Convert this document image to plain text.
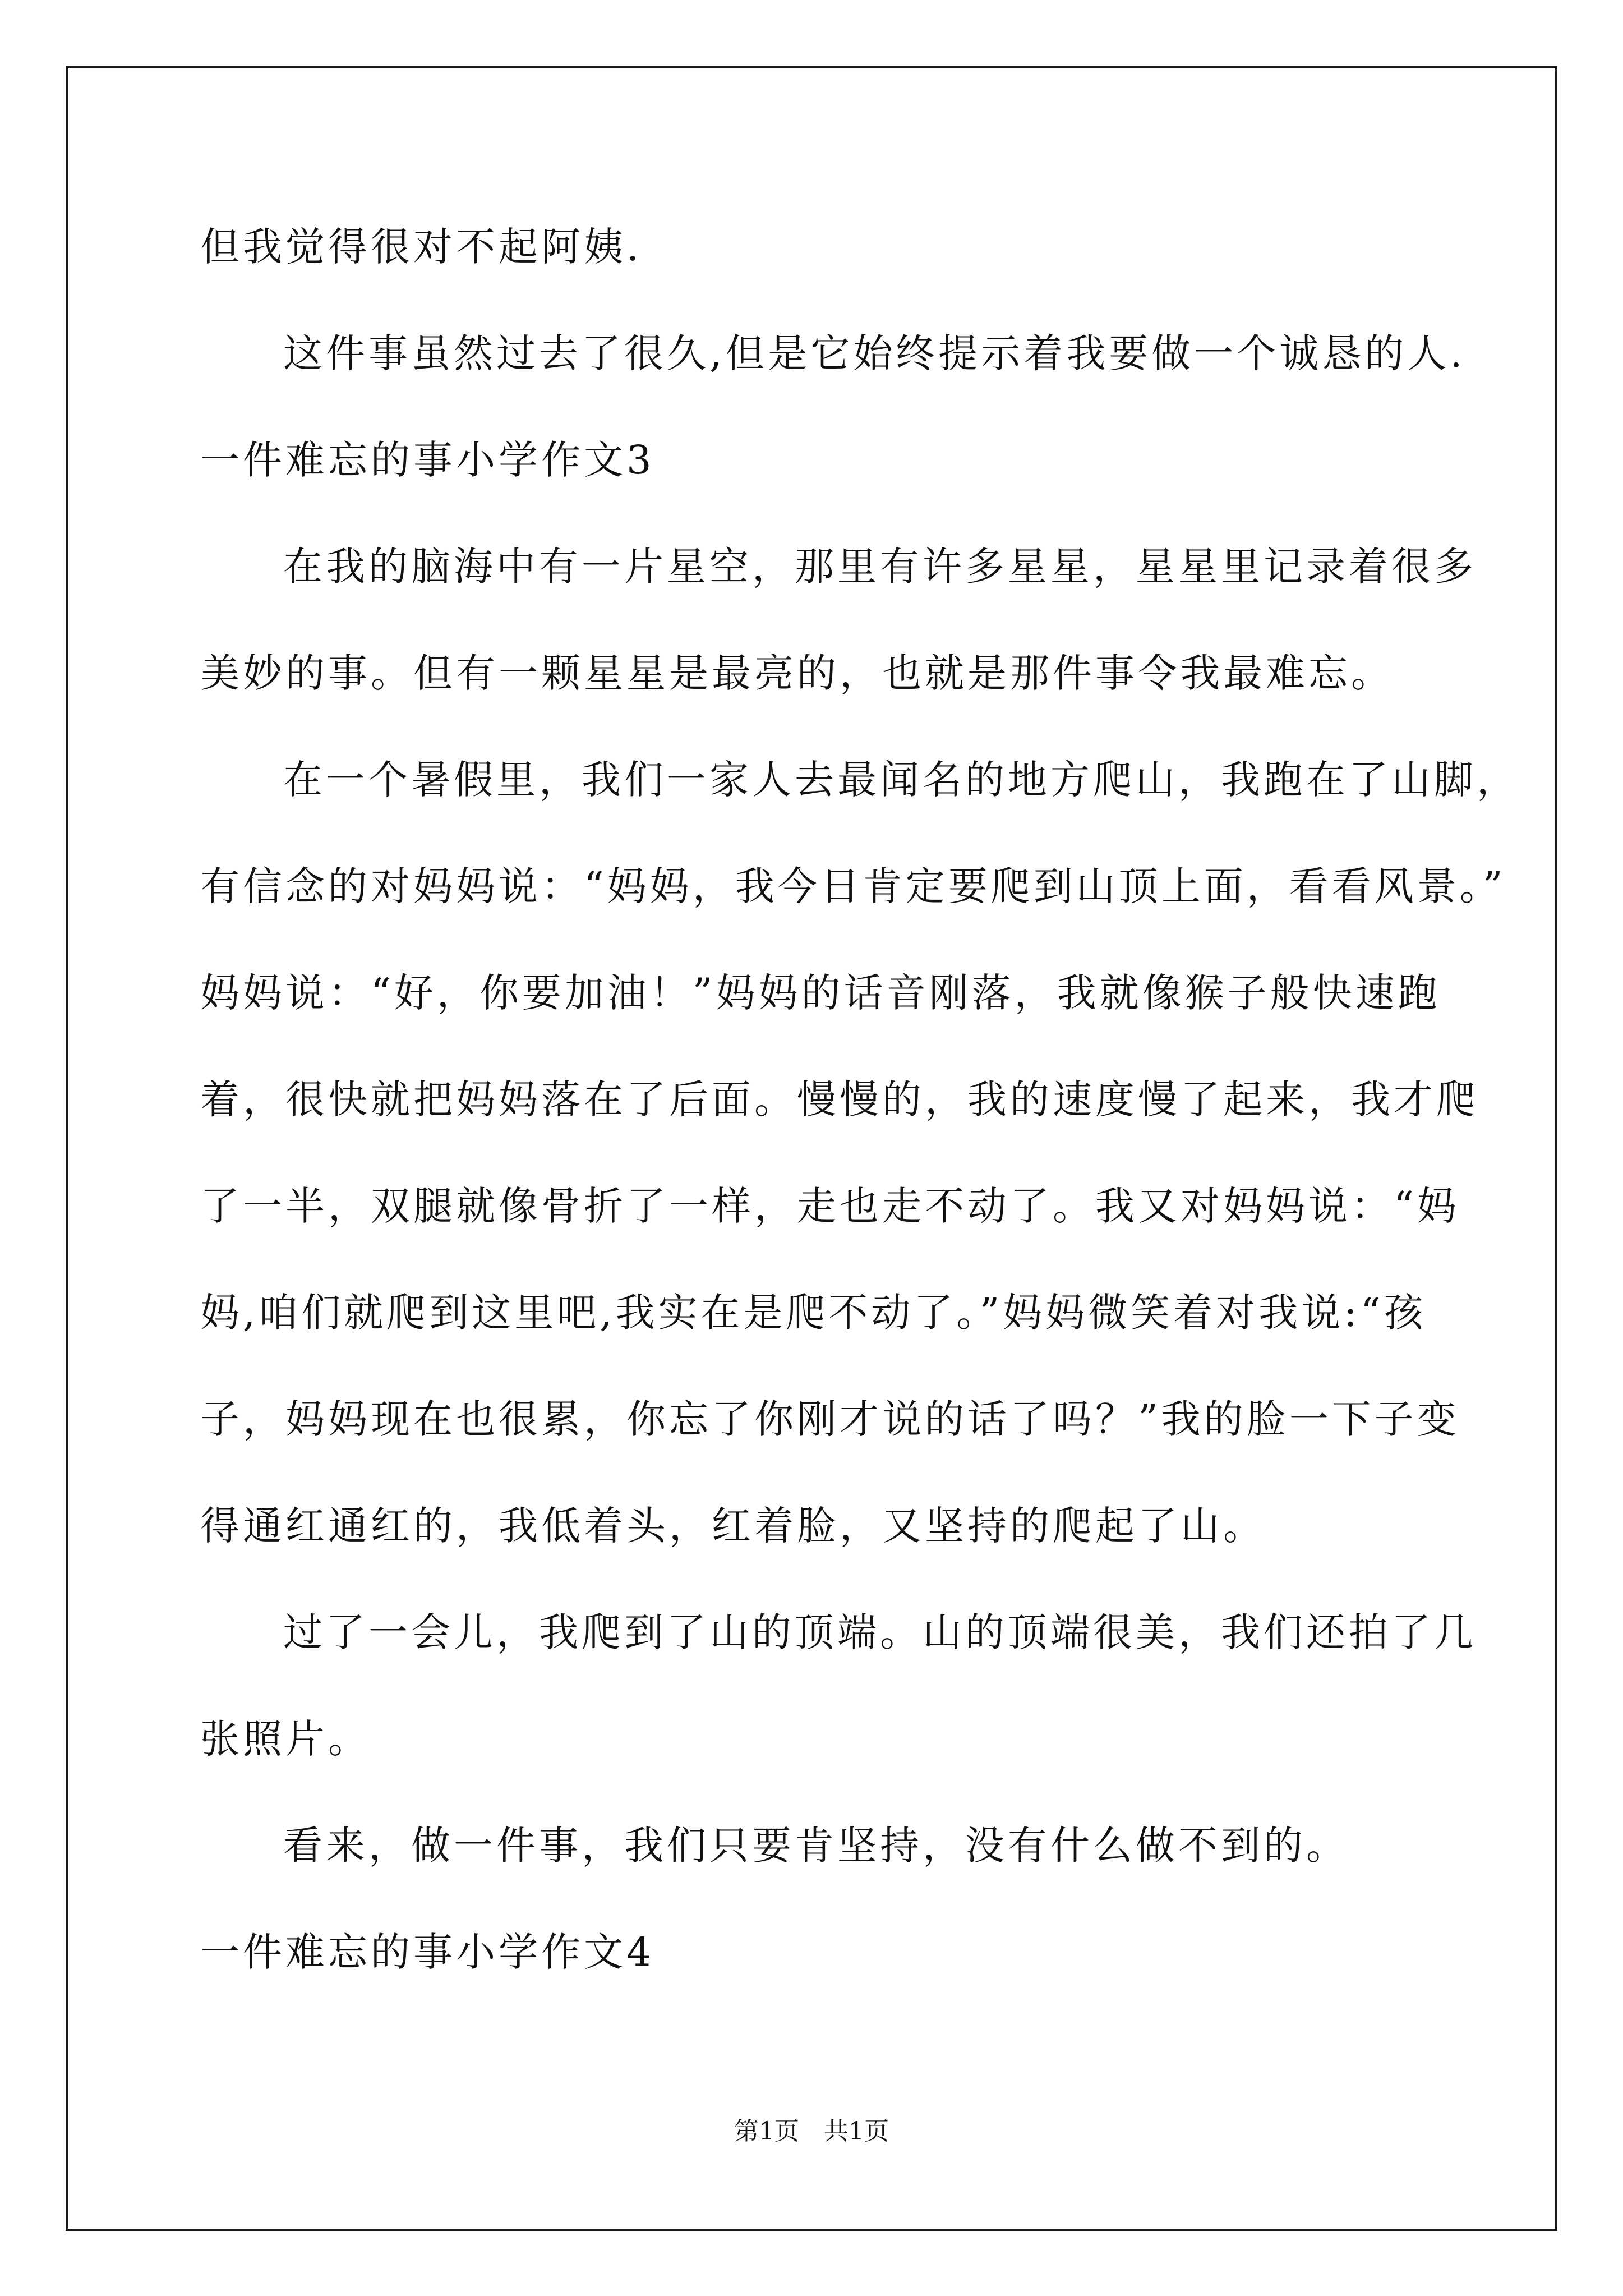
但我觉得很对不起阿姨.

这件事虽然过去了很久,但是它始终提示着我要做一个诚恳的人.

一件难忘的事小学作文3

在我的脑海中有一片星空，那里有许多星星，星星里记录着很多

美妙的事。但有一颗星星是最亮的，也就是那件事令我最难忘。

在一个暑假里，我们一家人去最闻名的地方爬山，我跑在了山脚，

有信念的对妈妈说：“妈妈，我今日肯定要爬到山顶上面，看看风景。”

妈妈说：“好，你要加油！”妈妈的话音刚落，我就像猴子般快速跑

着，很快就把妈妈落在了后面。慢慢的，我的速度慢了起来，我才爬

了一半，双腿就像骨折了一样，走也走不动了。我又对妈妈说：“妈

妈,咱们就爬到这里吧,我实在是爬不动了。”妈妈微笑着对我说:“孩

子，妈妈现在也很累，你忘了你刚才说的话了吗？”我的脸一下子变

得通红通红的，我低着头，红着脸，又坚持的爬起了山。

过了一会儿，我爬到了山的顶端。山的顶端很美，我们还拍了几

张照片。

看来，做一件事，我们只要肯坚持，没有什么做不到的。

一件难忘的事小学作文4

第1页　共1页
